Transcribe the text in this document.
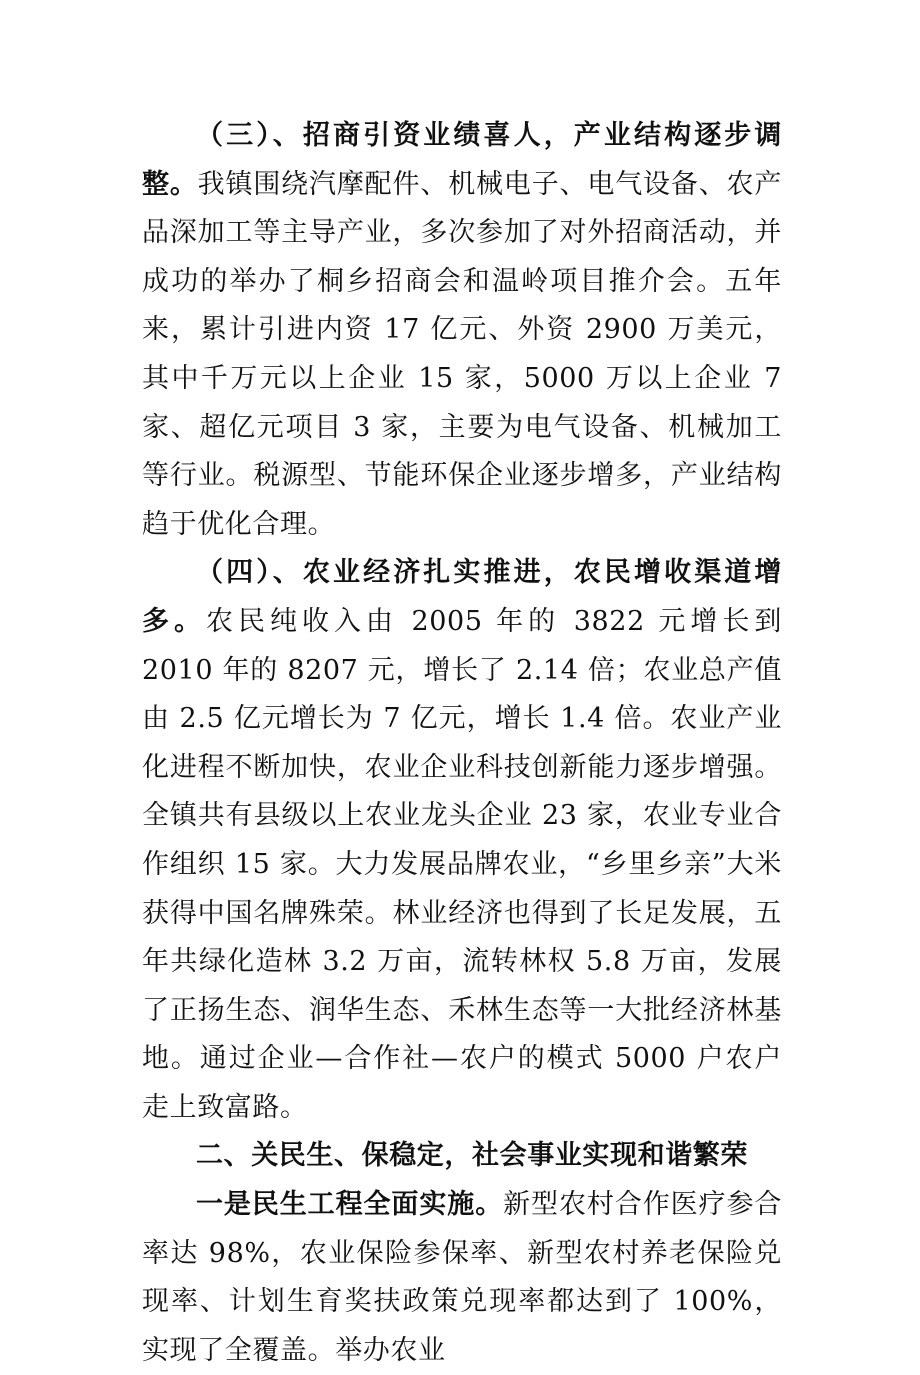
（三）、招商引资业绩喜人，产业结构逐步调整。我镇围绕汽摩配件、机械电子、电气设备、农产品深加工等主导产业，多次参加了对外招商活动，并成功的举办了桐乡招商会和温岭项目推介会。五年来，累计引进内资 17 亿元、外资 2900 万美元，其中千万元以上企业 15 家，5000 万以上企业 7 家、超亿元项目 3 家，主要为电气设备、机械加工等行业。税源型、节能环保企业逐步增多，产业结构趋于优化合理。

（四）、农业经济扎实推进，农民增收渠道增多。农民纯收入由 2005 年的 3822 元增长到 2010 年的 8207 元，增长了 2.14 倍；农业总产值由 2.5 亿元增长为 7 亿元，增长 1.4 倍。农业产业化进程不断加快，农业企业科技创新能力逐步增强。全镇共有县级以上农业龙头企业 23 家，农业专业合作组织 15 家。大力发展品牌农业，“乡里乡亲”大米获得中国名牌殊荣。林业经济也得到了长足发展，五年共绿化造林 3.2 万亩，流转林权 5.8 万亩，发展了正扬生态、润华生态、禾林生态等一大批经济林基地。通过企业—合作社—农户的模式 5000 户农户走上致富路。

二、关民生、保稳定，社会事业实现和谐繁荣

一是民生工程全面实施。新型农村合作医疗参合率达 98%，农业保险参保率、新型农村养老保险兑现率、计划生育奖扶政策兑现率都达到了 100%，实现了全覆盖。举办农业
